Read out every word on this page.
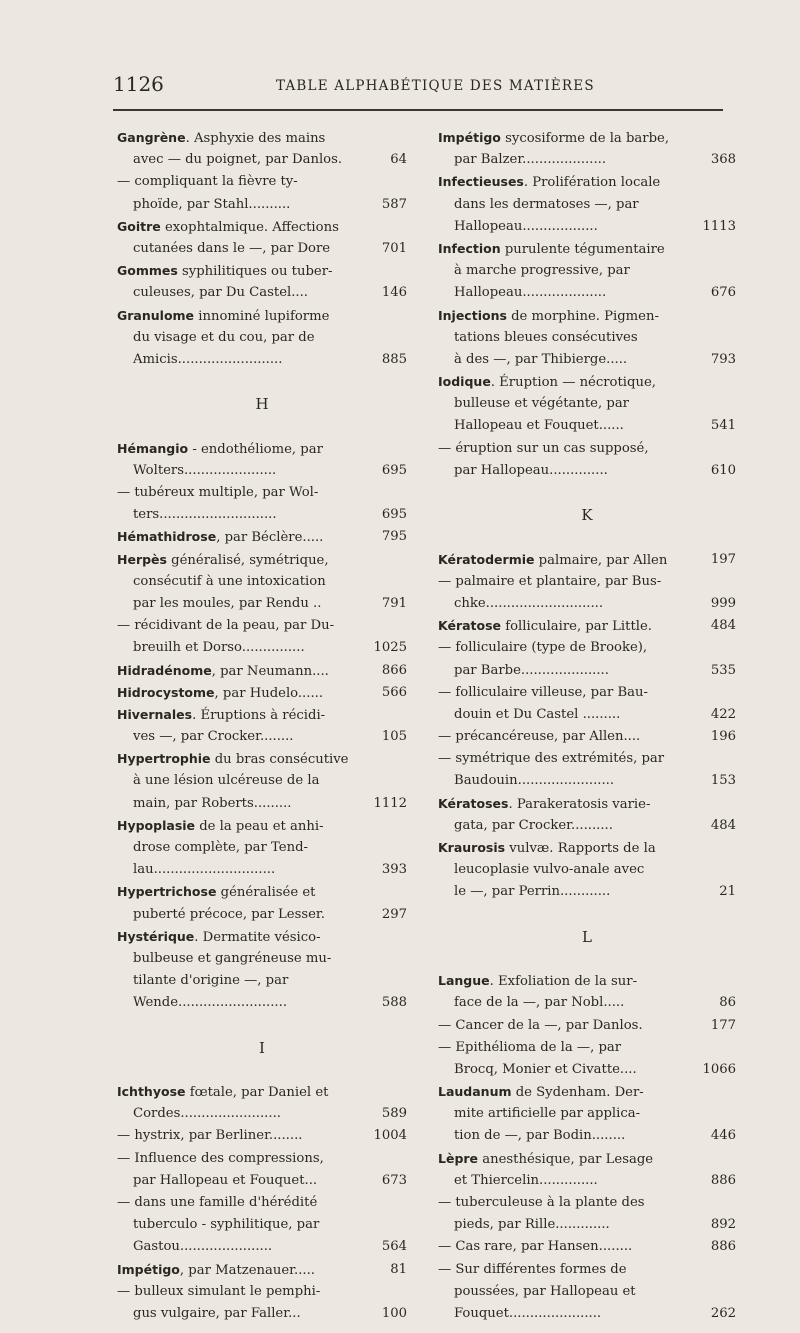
1126	TABLE ALPHABÉTIQUE DES MATIÈRES
Gangrène. Asphyxie des mains
avec — du poignet, par Danlos.	64
— compliquant la fièvre ty-
phoïde, par Stahl..........	587
Goitre exophtalmique. Affections
cutanées dans le —, par Dore	701
Gommes syphilitiques ou tuber-
culeuses, par Du Castel....	146
Granulome innominé lupiforme
du visage et du cou, par de
Amicis.........................	885
H
Hémangio - endothéliome, par
Wolters......................	695
— tubéreux multiple, par Wol-
ters............................	695
Hémathidrose, par Béclère.....	795
Herpès généralisé, symétrique,
consécutif à une intoxication
par les moules, par Rendu ..	791
— récidivant de la peau, par Du-
breuilh et Dorso...............	1025
Hidradénome, par Neumann....	866
Hidrocystome, par Hudelo......	566
Hivernales. Éruptions à récidi-
ves —, par Crocker........	105
Hypertrophie du bras consécutive
à une lésion ulcéreuse de la
main, par Roberts.........	1112
Hypoplasie de la peau et anhi-
drose complète, par Tend-
lau.............................	393
Hypertrichose généralisée et
puberté précoce, par Lesser.	297
Hystérique. Dermatite vésico-
bulbeuse et gangréneuse mu-
tilante d'origine —, par
Wende..........................	588
I
Ichthyose fœtale, par Daniel et
Cordes........................	589
— hystrix, par Berliner........	1004
— Influence des compressions,
par Hallopeau et Fouquet...	673
— dans une famille d'hérédité
tuberculo - syphilitique, par
Gastou......................	564
Impétigo, par Matzenauer.....	81
— bulleux simulant le pemphi-
gus vulgaire, par Faller...	100
Impétigo sycosiforme de la barbe,
par Balzer....................	368
Infectieuses. Prolifération locale
dans les dermatoses —, par
Hallopeau..................	1113
Infection purulente tégumentaire
à marche progressive, par
Hallopeau....................	676
Injections de morphine. Pigmen-
tations bleues consécutives
à des —, par Thibierge.....	793
Iodique. Éruption — nécrotique,
bulleuse et végétante, par
Hallopeau et Fouquet......	541
— éruption sur un cas supposé,
par Hallopeau..............	610
K
Kératodermie palmaire, par Allen	197
— palmaire et plantaire, par Bus-
chke............................	999
Kératose folliculaire, par Little.	484
— folliculaire (type de Brooke),
par Barbe.....................	535
— folliculaire villeuse, par Bau-
douin et Du Castel .........	422
— précancéreuse, par Allen....	196
— symétrique des extrémités, par
Baudouin.......................	153
Kératoses. Parakeratosis varie-
gata, par Crocker..........	484
Kraurosis vulvæ. Rapports de la
leucoplasie vulvo-anale avec
le —, par Perrin............	21
L
Langue. Exfoliation de la sur-
face de la —, par Nobl.....	86
— Cancer de la —, par Danlos.	177
— Epithélioma de la —, par
Brocq, Monier et Civatte....	1066
Laudanum de Sydenham. Der-
mite artificielle par applica-
tion de —, par Bodin........	446
Lèpre anesthésique, par Lesage
et Thiercelin..............	886
— tuberculeuse à la plante des
pieds, par Rille.............	892
— Cas rare, par Hansen........	886
— Sur différentes formes de
poussées, par Hallopeau et
Fouquet......................	262
